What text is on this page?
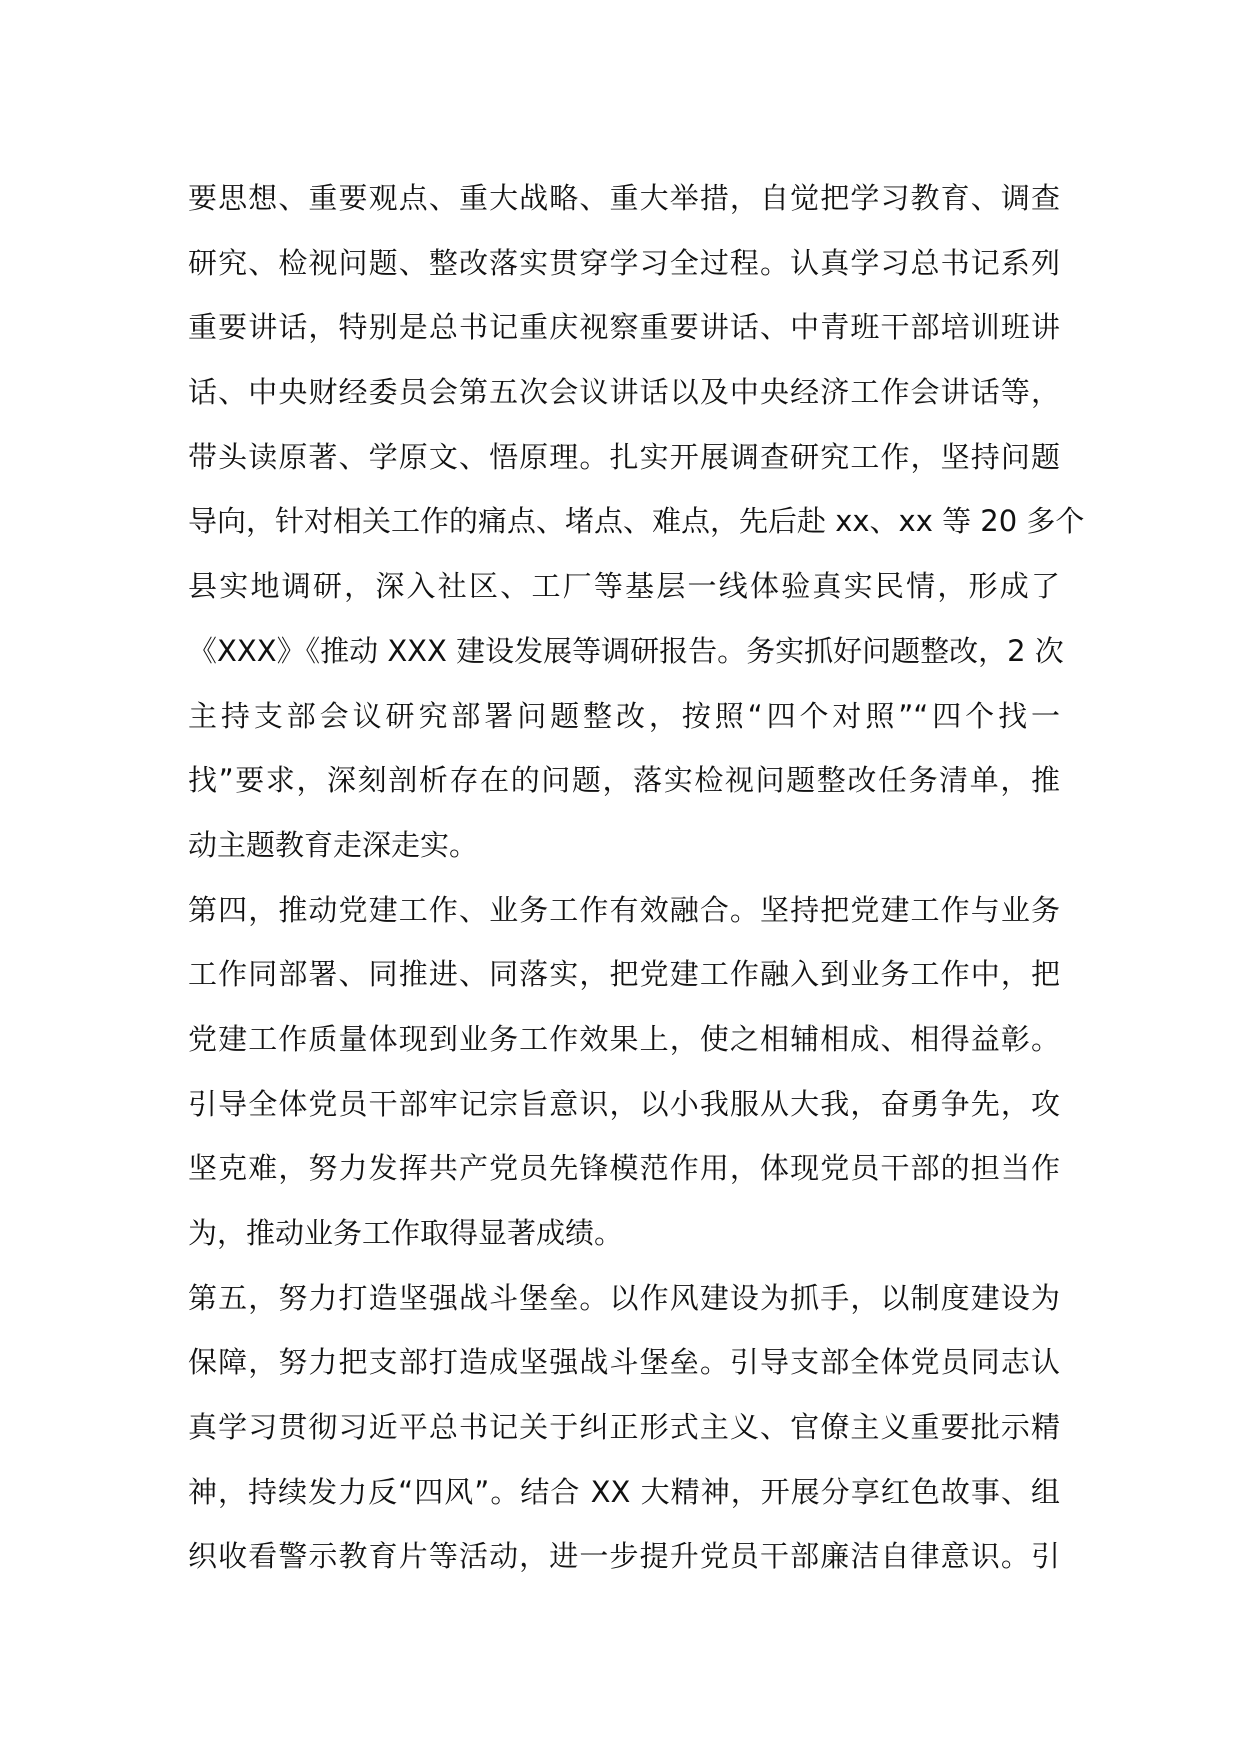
要思想、重要观点、重大战略、重大举措，自觉把学习教育、调查
研究、检视问题、整改落实贯穿学习全过程。认真学习总书记系列
重要讲话，特别是总书记重庆视察重要讲话、中青班干部培训班讲
话、中央财经委员会第五次会议讲话以及中央经济工作会讲话等，
带头读原著、学原文、悟原理。扎实开展调查研究工作，坚持问题
导向，针对相关工作的痛点、堵点、难点，先后赴 xx、xx 等 20 多个
县实地调研，深入社区、工厂等基层一线体验真实民情，形成了
《XXX》《推动 XXX 建设发展等调研报告。务实抓好问题整改，2 次
主持支部会议研究部署问题整改，按照“四个对照”“四个找一
找”要求，深刻剖析存在的问题，落实检视问题整改任务清单，推
动主题教育走深走实。
第四，推动党建工作、业务工作有效融合。坚持把党建工作与业务
工作同部署、同推进、同落实，把党建工作融入到业务工作中，把
党建工作质量体现到业务工作效果上，使之相辅相成、相得益彰。
引导全体党员干部牢记宗旨意识，以小我服从大我，奋勇争先，攻
坚克难，努力发挥共产党员先锋模范作用，体现党员干部的担当作
为，推动业务工作取得显著成绩。
第五，努力打造坚强战斗堡垒。以作风建设为抓手，以制度建设为
保障，努力把支部打造成坚强战斗堡垒。引导支部全体党员同志认
真学习贯彻习近平总书记关于纠正形式主义、官僚主义重要批示精
神，持续发力反“四风”。结合 XX 大精神，开展分享红色故事、组
织收看警示教育片等活动，进一步提升党员干部廉洁自律意识。引
